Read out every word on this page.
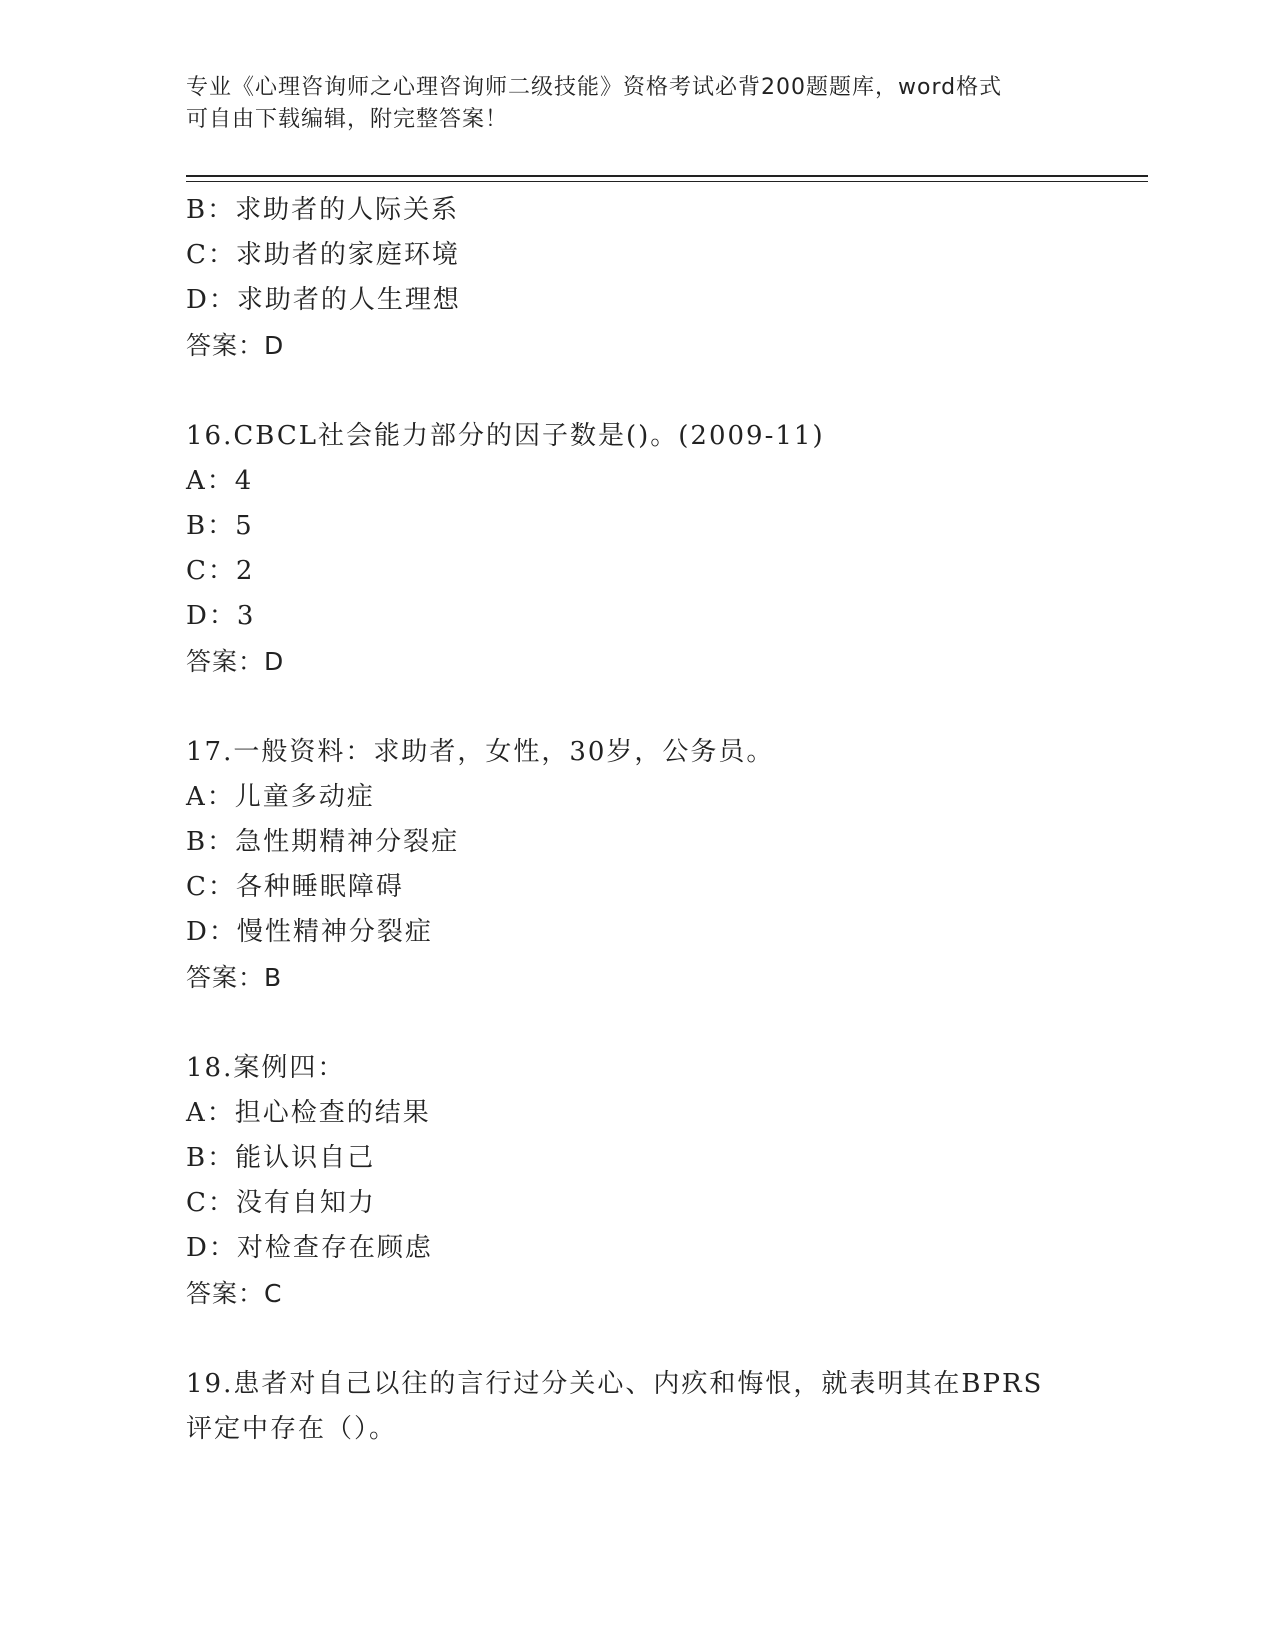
专业《心理咨询师之心理咨询师二级技能》资格考试必背200题题库，word格式
可自由下载编辑，附完整答案！
B：求助者的人际关系
C：求助者的家庭环境
D：求助者的人生理想
答案：D
16.CBCL社会能力部分的因子数是()。(2009-11)
A：4
B：5
C：2
D：3
答案：D
17.一般资料：求助者，女性，30岁，公务员。
A：儿童多动症
B：急性期精神分裂症
C：各种睡眠障碍
D：慢性精神分裂症
答案：B
18.案例四：
A：担心检查的结果
B：能认识自己
C：没有自知力
D：对检查存在顾虑
答案：C
19.患者对自己以往的言行过分关心、内疚和悔恨，就表明其在BPRS
评定中存在（）。
